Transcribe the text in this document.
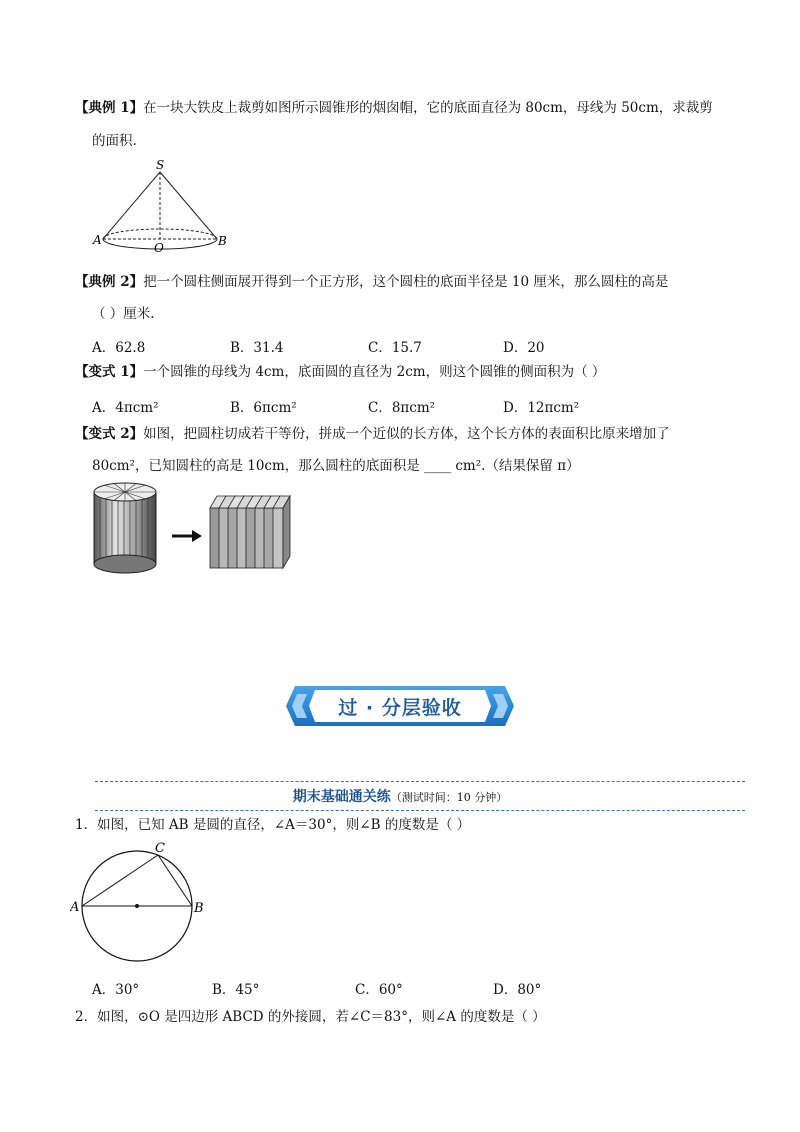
【典例 1】在一块大铁皮上裁剪如图所示圆锥形的烟囱帽，它的底面直径为 80cm，母线为 50cm，求裁剪
的面积.
S
A
O	B
【典例 2】把一个圆柱侧面展开得到一个正方形，这个圆柱的底面半径是 10 厘米，那么圆柱的高是
（ ）厘米.
A．62.8	B．31.4	C．15.7	D．20
【变式 1】一个圆锥的母线为 4cm，底面圆的直径为 2cm，则这个圆锥的侧面积为（ ）
A．4πcm²	B．6πcm²	C．8πcm²	D．12πcm²
【变式 2】如图，把圆柱切成若干等份，拼成一个近似的长方体，这个长方体的表面积比原来增加了
80cm²，已知圆柱的高是 10cm，那么圆柱的底面积是 ____ cm².（结果保留 π）
过 · 分层验收
期末基础通关练（测试时间：10 分钟）
1．如图，已知 AB 是圆的直径，∠A＝30°，则∠B 的度数是（ ）
A	B
C
A．30°	B．45°	C．60°	D．80°
2．如图，⊙O 是四边形 ABCD 的外接圆，若∠C＝83°，则∠A 的度数是（ ）
